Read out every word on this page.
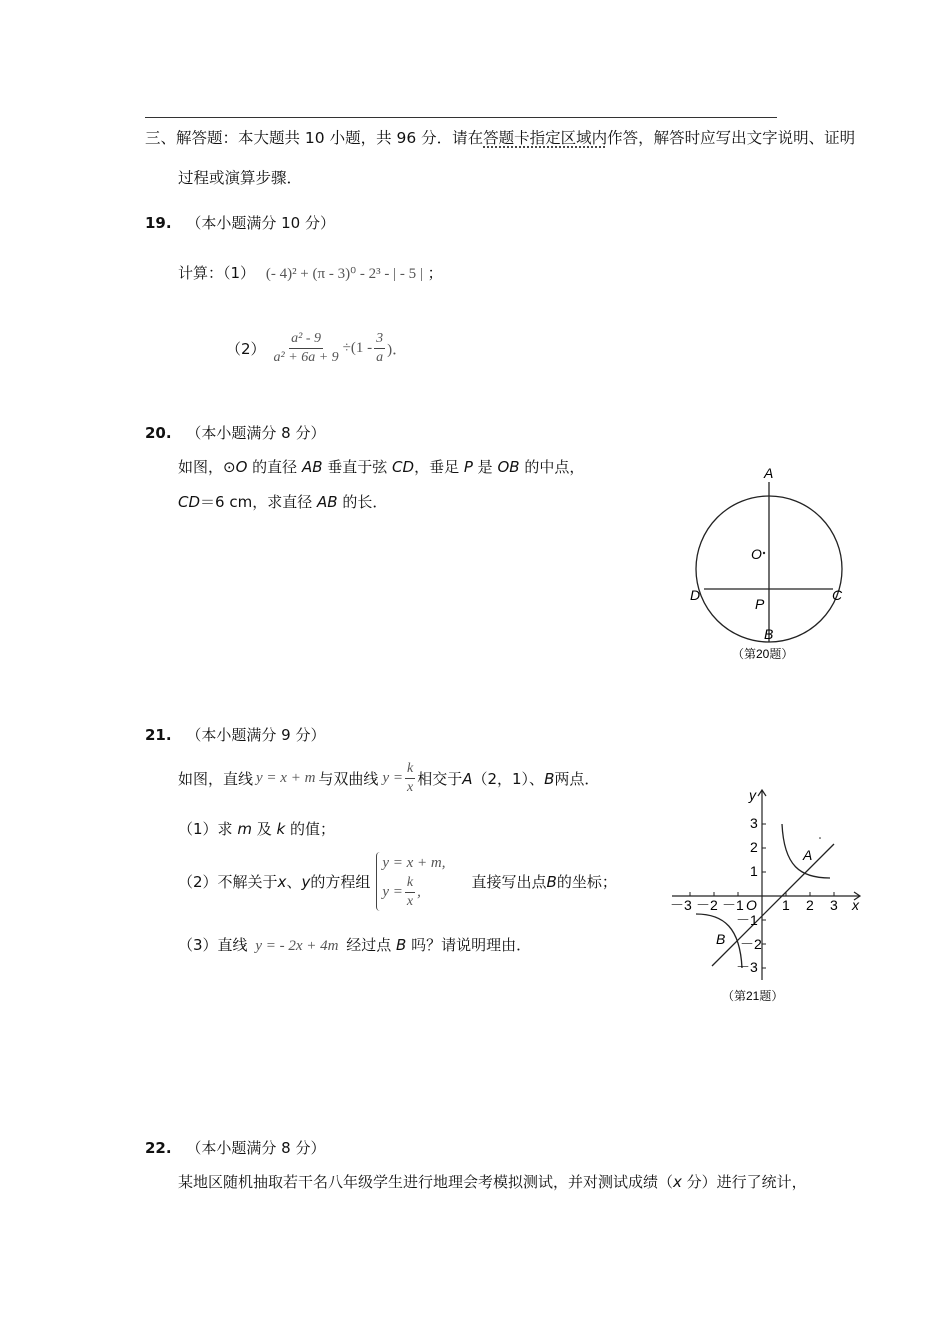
三、解答题：本大题共 10 小题，共 96 分．请在答题卡指定区域内作答，解答时应写出文字说明、证明
过程或演算步骤．
19. （本小题满分 10 分）
计算：（1） (- 4)² + (π - 3)⁰ - 2³ - | - 5 | ；
$(2) \frac{\text{a² - 9}}{\text{a² + 6a + 9}} \div(1 - \frac{3}{a}$ )．
20. （本小题满分 8 分）
如图，⊙O 的直径 AB 垂直于弦 CD，垂足 P 是 OB 的中点，
CD＝6 cm，求直径 AB 的长．
A
O
D	C
P
B
（第20题）
21. （本小题满分 9 分）
如图，直线 y = x + m 与双曲线 $y = \frac{k}{x}$ 相交于 A （2，1）、 B 两点．
（1）求 m 及 k 的值；
（2）不解关于 x 、 y 的方程组
y = x + m,
$y = \frac{k}{x}$ ,
直接写出点 B 的坐标；
（3）直线 y = - 2x + 4m 经过点 B 吗？请说明理由．
y
x
3
2
1
－1
－2
－3
－3 －2 －1 O 1 2 3
A
B
（第21题）
22. （本小题满分 8 分）
某地区随机抽取若干名八年级学生进行地理会考模拟测试，并对测试成绩（x 分）进行了统计，
